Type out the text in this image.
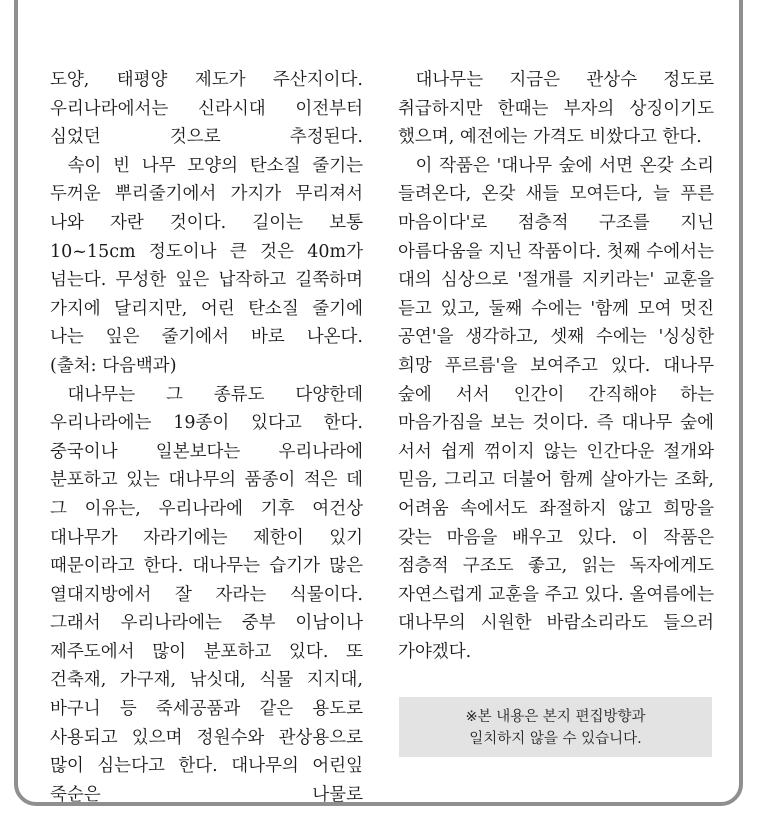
도양, 태평양 제도가 주산지이다. 우리나라에서는 신라시대 이전부터 심었던 것으로 추정된다.

속이 빈 나무 모양의 탄소질 줄기는 두꺼운 뿌리줄기에서 가지가 무리져서 나와 자란 것이다. 길이는 보통 10~15cm 정도이나 큰 것은 40m가 넘는다. 무성한 잎은 납작하고 길쭉하며 가지에 달리지만, 어린 탄소질 줄기에 나는 잎은 줄기에서 바로 나온다.

(출처: 다음백과)

대나무는 그 종류도 다양한데 우리나라에는 19종이 있다고 한다. 중국이나 일본보다는 우리나라에 분포하고 있는 대나무의 품종이 적은 데 그 이유는, 우리나라에 기후 여건상 대나무가 자라기에는 제한이 있기 때문이라고 한다. 대나무는 습기가 많은 열대지방에서 잘 자라는 식물이다. 그래서 우리나라에는 중부 이남이나 제주도에서 많이 분포하고 있다. 또 건축재, 가구재, 낚싯대, 식물 지지대, 바구니 등 죽세공품과 같은 용도로 사용되고 있으며 정원수와 관상용으로 많이 심는다고 한다. 대나무의 어린잎 죽순은 나물로

대나무는 지금은 관상수 정도로 취급하지만 한때는 부자의 상징이기도 했으며, 예전에는 가격도 비쌌다고 한다.

이 작품은 '대나무 숲에 서면 온갖 소리 들려온다, 온갖 새들 모여든다, 늘 푸른 마음이다'로 점층적 구조를 지닌 아름다움을 지닌 작품이다. 첫째 수에서는 대의 심상으로 '절개를 지키라는' 교훈을 듣고 있고, 둘째 수에는 '함께 모여 멋진 공연'을 생각하고, 셋째 수에는 '싱싱한 희망 푸르름'을 보여주고 있다. 대나무 숲에 서서 인간이 간직해야 하는 마음가짐을 보는 것이다. 즉 대나무 숲에 서서 쉽게 꺾이지 않는 인간다운 절개와 믿음, 그리고 더불어 함께 살아가는 조화, 어려움 속에서도 좌절하지 않고 희망을 갖는 마음을 배우고 있다. 이 작품은 점층적 구조도 좋고, 읽는 독자에게도 자연스럽게 교훈을 주고 있다. 올여름에는 대나무의 시원한 바람소리라도 들으러 가야겠다.

※본 내용은 본지 편집방향과
일치하지 않을 수 있습니다.
